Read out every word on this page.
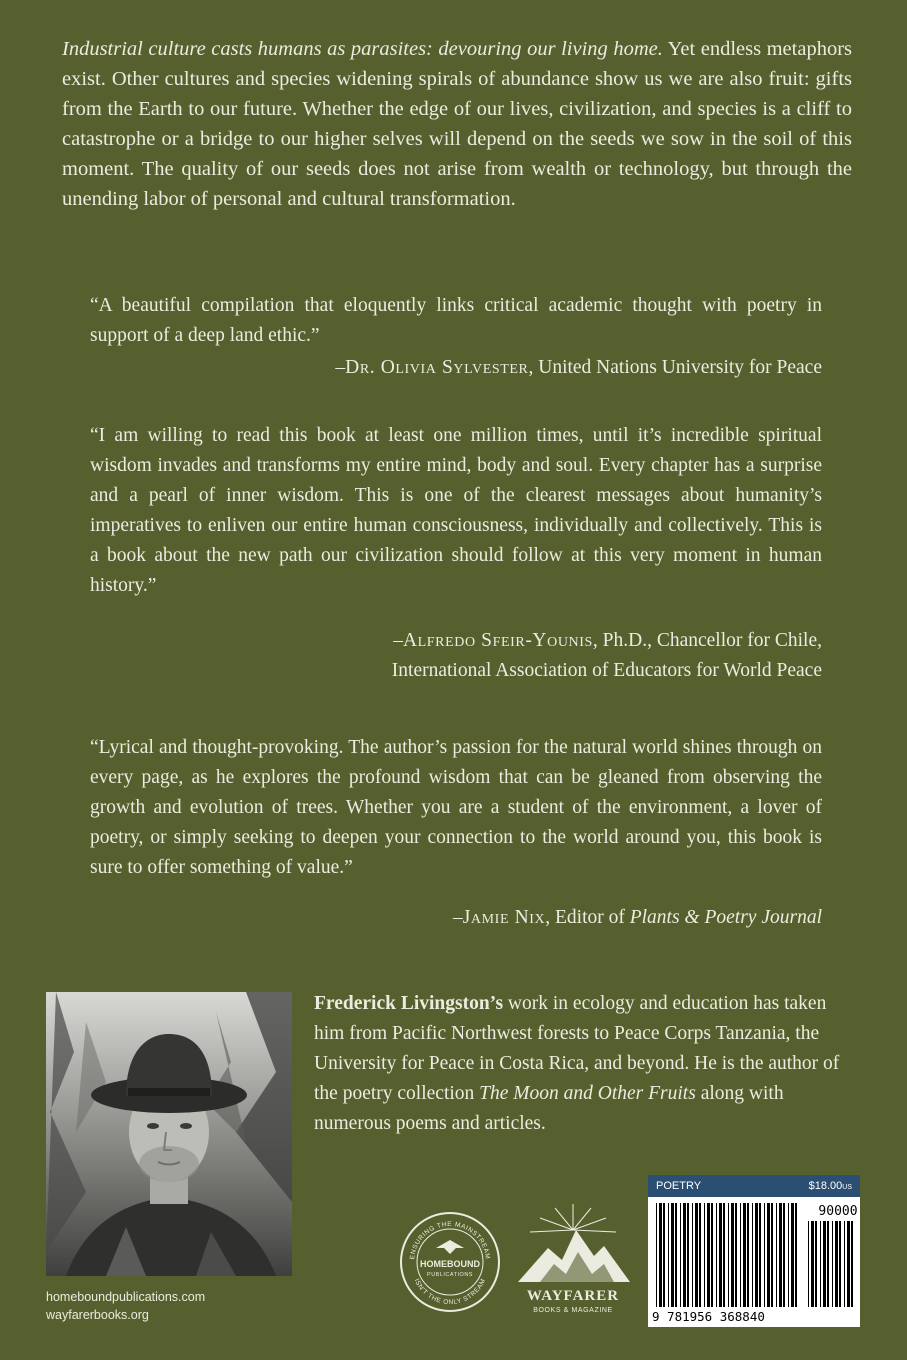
Industrial culture casts humans as parasites: devouring our living home. Yet endless metaphors exist. Other cultures and species widening spirals of abundance show us we are also fruit: gifts from the Earth to our future. Whether the edge of our lives, civilization, and species is a cliff to catastrophe or a bridge to our higher selves will depend on the seeds we sow in the soil of this moment. The quality of our seeds does not arise from wealth or technology, but through the unending labor of personal and cultural transformation.

“A beautiful compilation that eloquently links critical academic thought with poetry in support of a deep land ethic.”

–Dr. Olivia Sylvester, United Nations University for Peace

“I am willing to read this book at least one million times, until it’s incredible spiritual wisdom invades and transforms my entire mind, body and soul. Every chapter has a surprise and a pearl of inner wisdom. This is one of the clearest messages about humanity’s imperatives to enliven our entire human consciousness, individually and collectively. This is a book about the new path our civilization should follow at this very moment in human history.”

–Alfredo Sfeir-Younis, Ph.D., Chancellor for Chile,
International Association of Educators for World Peace

“Lyrical and thought-provoking. The author’s passion for the natural world shines through on every page, as he explores the profound wisdom that can be gleaned from observing the growth and evolution of trees. Whether you are a student of the environment, a lover of poetry, or simply seeking to deepen your connection to the world around you, this book is sure to offer something of value.”

–Jamie Nix, Editor of Plants & Poetry Journal

Frederick Livingston’s work in ecology and education has taken him from Pacific Northwest forests to Peace Corps Tanzania, the University for Peace in Costa Rica, and beyond. He is the author of the poetry collection The Moon and Other Fruits along with numerous poems and articles.

homeboundpublications.com
wayfarerbooks.org
ENSURING THE MAINSTREAM
ISN'T THE ONLY STREAM
HOMEBOUND
PUBLICATIONS
WAYFARER
BOOKS & MAGAZINE
POETRY	$18.00US
90000
9 781956 368840
